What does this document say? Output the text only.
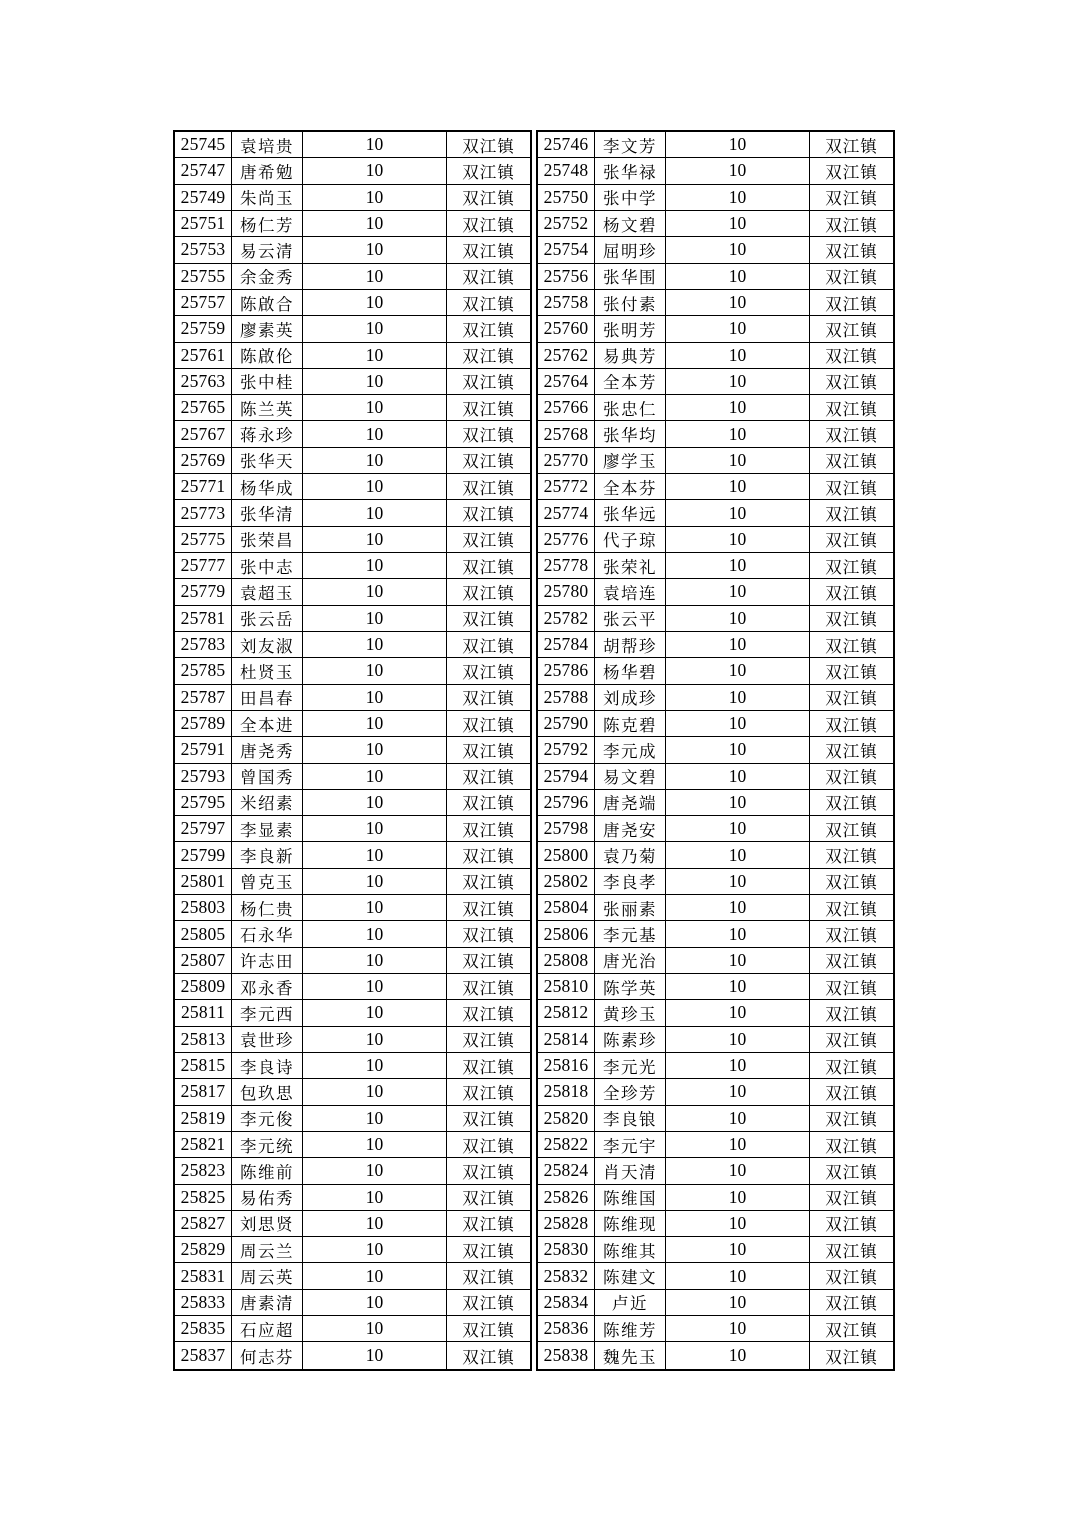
25745 袁培贵	10	双江镇
25747 唐希勉	10	双江镇
25749 朱尚玉	10	双江镇
25751 杨仁芳	10	双江镇
25753 易云清	10	双江镇
25755 余金秀	10	双江镇
25757 陈啟合	10	双江镇
25759 廖素英	10	双江镇
25761 陈啟伦	10	双江镇
25763 张中桂	10	双江镇
25765 陈兰英	10	双江镇
25767 蒋永珍	10	双江镇
25769 张华天	10	双江镇
25771 杨华成	10	双江镇
25773 张华清	10	双江镇
25775 张荣昌	10	双江镇
25777 张中志	10	双江镇
25779 袁超玉	10	双江镇
25781 张云岳	10	双江镇
25783 刘友淑	10	双江镇
25785 杜贤玉	10	双江镇
25787 田昌春	10	双江镇
25789 全本进	10	双江镇
25791 唐尧秀	10	双江镇
25793 曾国秀	10	双江镇
25795 米绍素	10	双江镇
25797 李显素	10	双江镇
25799 李良新	10	双江镇
25801 曾克玉	10	双江镇
25803 杨仁贵	10	双江镇
25805 石永华	10	双江镇
25807 许志田	10	双江镇
25809 邓永香	10	双江镇
25811 李元西	10	双江镇
25813 袁世珍	10	双江镇
25815 李良诗	10	双江镇
25817 包玖思	10	双江镇
25819 李元俊	10	双江镇
25821 李元统	10	双江镇
25823 陈维前	10	双江镇
25825 易佑秀	10	双江镇
25827 刘思贤	10	双江镇
25829 周云兰	10	双江镇
25831 周云英	10	双江镇
25833 唐素清	10	双江镇
25835 石应超	10	双江镇
25837 何志芬	10	双江镇
25746 李文芳	10	双江镇
25748 张华禄	10	双江镇
25750 张中学	10	双江镇
25752 杨文碧	10	双江镇
25754 屈明珍	10	双江镇
25756 张华围	10	双江镇
25758 张付素	10	双江镇
25760 张明芳	10	双江镇
25762 易典芳	10	双江镇
25764 全本芳	10	双江镇
25766 张忠仁	10	双江镇
25768 张华均	10	双江镇
25770 廖学玉	10	双江镇
25772 全本芬	10	双江镇
25774 张华远	10	双江镇
25776 代子琼	10	双江镇
25778 张荣礼	10	双江镇
25780 袁培连	10	双江镇
25782 张云平	10	双江镇
25784 胡帮珍	10	双江镇
25786 杨华碧	10	双江镇
25788 刘成珍	10	双江镇
25790 陈克碧	10	双江镇
25792 李元成	10	双江镇
25794 易文碧	10	双江镇
25796 唐尧端	10	双江镇
25798 唐尧安	10	双江镇
25800 袁乃菊	10	双江镇
25802 李良孝	10	双江镇
25804 张丽素	10	双江镇
25806 李元基	10	双江镇
25808 唐光治	10	双江镇
25810 陈学英	10	双江镇
25812 黄珍玉	10	双江镇
25814 陈素珍	10	双江镇
25816 李元光	10	双江镇
25818 全珍芳	10	双江镇
25820 李良锒	10	双江镇
25822 李元宇	10	双江镇
25824 肖天清	10	双江镇
25826 陈维国	10	双江镇
25828 陈维现	10	双江镇
25830 陈维其	10	双江镇
25832 陈建文	10	双江镇
25834	卢近	10	双江镇
25836 陈维芳	10	双江镇
25838 魏先玉	10	双江镇
